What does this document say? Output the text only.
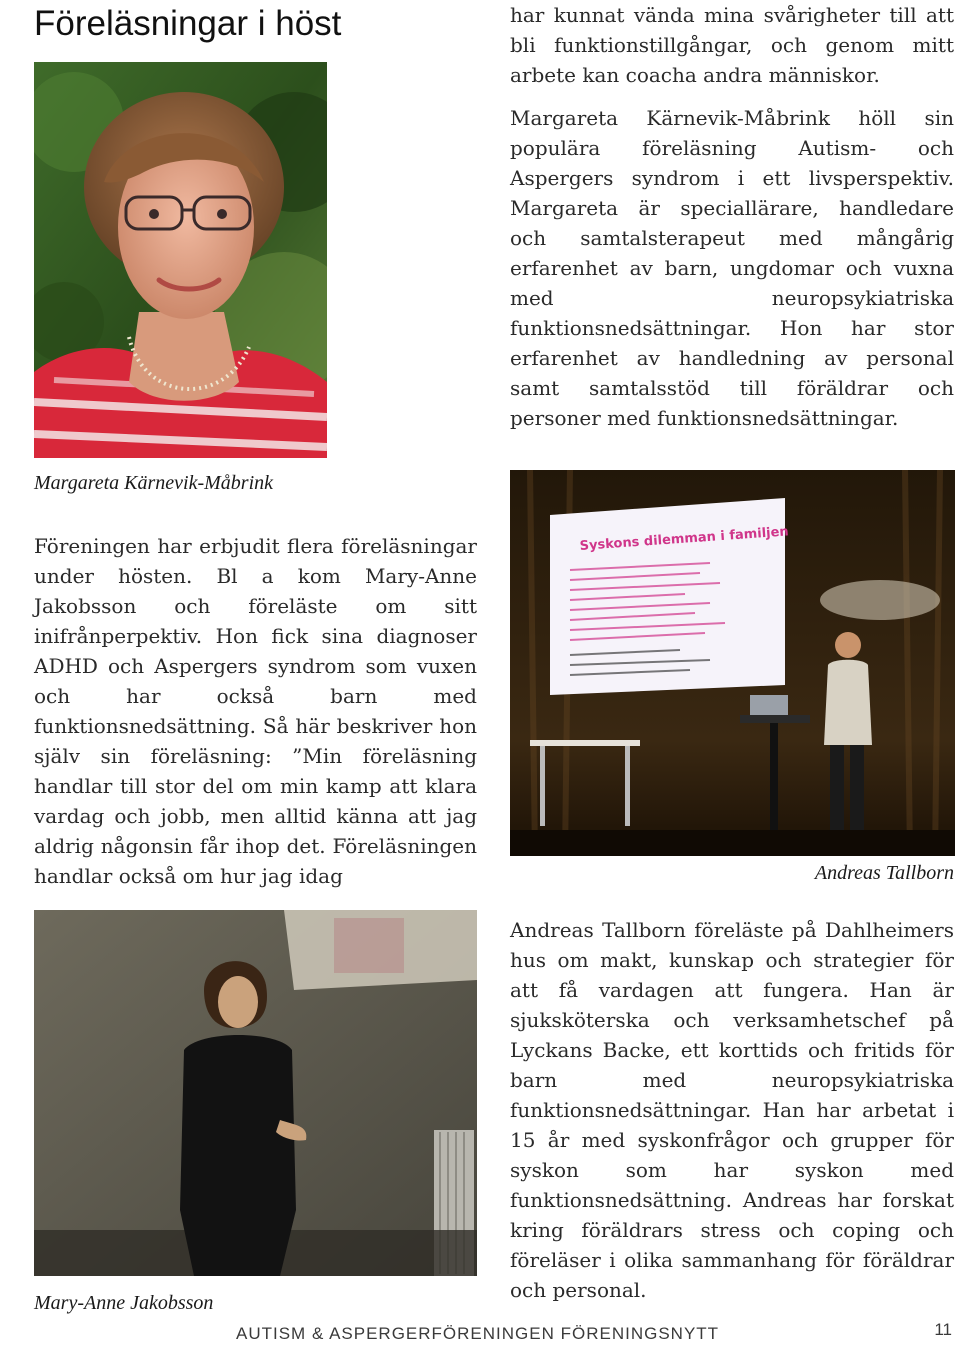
Föreläsningar i höst
Margareta Kärnevik-Måbrink
har kunnat vända mina svårigheter till att bli funktionstillgångar, och genom mitt arbete kan coacha andra människor.
Margareta Kärnevik-Måbrink höll sin populära föreläsning Autism- och Aspergers syndrom i ett livsperspektiv. Margareta är speciallärare, handledare och samtalsterapeut med mångårig erfarenhet av barn, ungdomar och vuxna med neuropsykiatriska funktionsnedsättningar. Hon har stor erfarenhet av handledning av personal samt samtalsstöd till föräldrar och personer med funktionsnedsättningar.
Syskons dilemman i familjen
Andreas Tallborn
Föreningen har erbjudit flera föreläsningar under hösten. Bl a kom Mary-Anne Jakobsson och föreläste om sitt inifrånperpektiv. Hon fick sina diagnoser ADHD och Aspergers syndrom som vuxen och har också barn med funktionsnedsättning. Så här beskriver hon själv sin föreläsning: ”Min föreläsning handlar till stor del om min kamp att klara vardag och jobb, men alltid känna att jag aldrig någonsin får ihop det. Föreläsningen handlar också om hur jag idag
Mary-Anne Jakobsson
Andreas Tallborn föreläste på Dahlheimers hus om makt, kunskap och strategier för att få vardagen att fungera. Han är sjuksköterska och verksamhetschef på Lyckans Backe, ett korttids och fritids för barn med neuropsykiatriska funktionsnedsättningar. Han har arbetat i 15 år med syskonfrågor och grupper för syskon som har syskon med funktionsnedsättning. Andreas har forskat kring föräldrars stress och coping och föreläser i olika sammanhang för föräldrar och personal.
AUTISM & ASPERGERFÖRENINGEN FÖRENINGSNYTT	11
